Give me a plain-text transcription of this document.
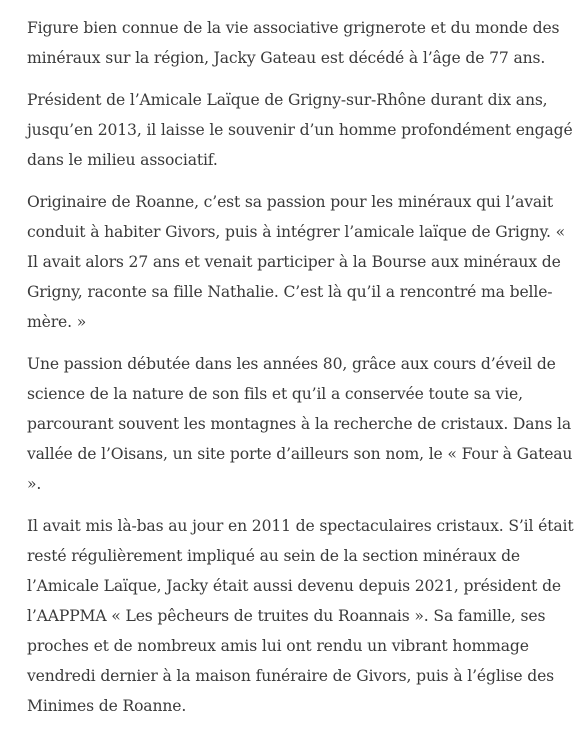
Figure bien connue de la vie associative grignerote et du monde des minéraux sur la région, Jacky Gateau est décédé à l’âge de 77 ans.

Président de l’Amicale Laïque de Grigny-sur-Rhône durant dix ans, jusqu’en 2013, il laisse le souvenir d’un homme profondément engagé dans le milieu associatif.

Originaire de Roanne, c’est sa passion pour les minéraux qui l’avait conduit à habiter Givors, puis à intégrer l’amicale laïque de Grigny. « Il avait alors 27 ans et venait participer à la Bourse aux minéraux de Grigny, raconte sa fille Nathalie. C’est là qu’il a rencontré ma belle-mère. »

Une passion débutée dans les années 80, grâce aux cours d’éveil de science de la nature de son fils et qu’il a conservée toute sa vie, parcourant souvent les montagnes à la recherche de cristaux. Dans la vallée de l’Oisans, un site porte d’ailleurs son nom, le « Four à Gateau ».

Il avait mis là-bas au jour en 2011 de spectaculaires cristaux. S’il était resté régulièrement impliqué au sein de la section minéraux de l’Amicale Laïque, Jacky était aussi devenu depuis 2021, président de l’AAPPMA « Les pêcheurs de truites du Roannais ». Sa famille, ses proches et de nombreux amis lui ont rendu un vibrant hommage vendredi dernier à la maison funéraire de Givors, puis à l’église des Minimes de Roanne.
